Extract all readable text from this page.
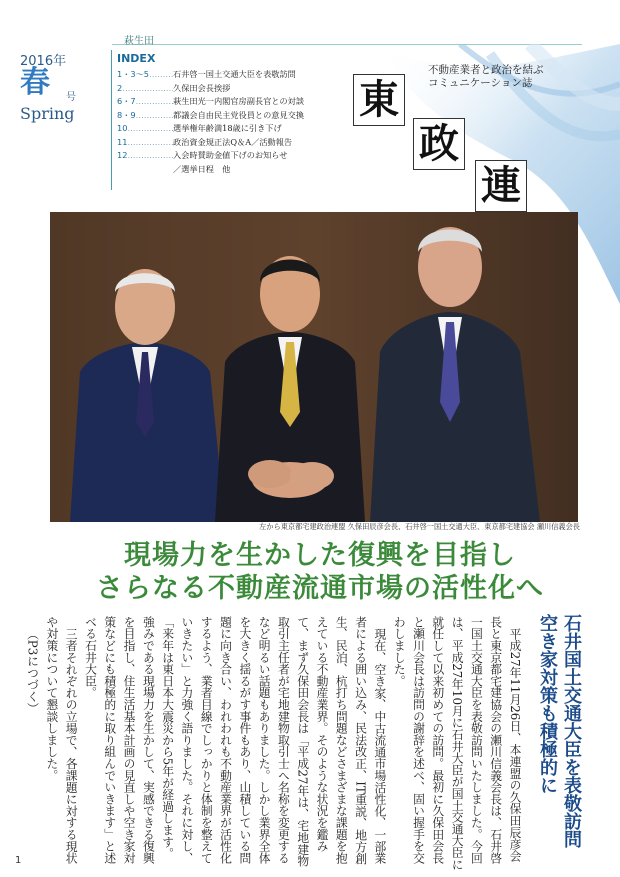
萩生田
2016年
春 号
Spring
INDEX
1・3〜5 ……………………	石井啓一国土交通大臣を表敬訪問
2 ……………………	久保田会長挨拶
6・7 ……………………	萩生田光一内閣官房副長官との対談
8・9 ……………………	都議会自由民主党役員との意見交換
10 ……………………	選挙権年齢満18歳に引き下げ
11 ……………………	政治資金規正法Q＆A／活動報告
12 ……………………	入会時賛助金値下げのお知らせ
／選挙日程　他
不動産業者と政治を結ぶ
コミュニケーション誌
東
政
連
左から東京都宅建政治連盟 久保田辰彦会長、石井啓一国土交通大臣、東京都宅建協会 瀬川信義会長
現場力を生かした復興を目指し
さらなる不動産流通市場の活性化へ
石井国土交通大臣を表敬訪問
空き家対策も積極的に

平成27年11月26日、本連盟の久保田辰彦会長と東京都宅建協会の瀬川信義会長は、石井啓一国土交通大臣を表敬訪問いたしました。今回は、平成27年10月に石井大臣が国土交通大臣に就任して以来初めての訪問。最初に久保田会長と瀬川会長は訪問の謝辞を述べ、固い握手を交わしました。

現在、空き家、中古流通市場活性化、一部業者による囲い込み、民法改正、IT重説、地方創生、民泊、杭打ち問題などさまざまな課題を抱えている不動産業界。そのような状況を鑑みて、まず久保田会長は「平成27年は、宅地建物取引主任者が宅地建物取引士へ名称を変更するなど明るい話題もありました。しかし業界全体を大きく揺るがす事件もあり、山積している問題に向き合い、われわれも不動産業界が活性化するよう、業者目線でしっかりと体制を整えていきたい」と力強く語りました。それに対し、「来年は東日本大震災から5年が経過します。強みである現場力を生かして、実感できる復興を目指し、住生活基本計画の見直しや空き家対策などにも積極的に取り組んでいきます」と述べる石井大臣。

三者それぞれの立場で、各課題に対する現状や対策について懇談しました。

（P3につづく）

1
